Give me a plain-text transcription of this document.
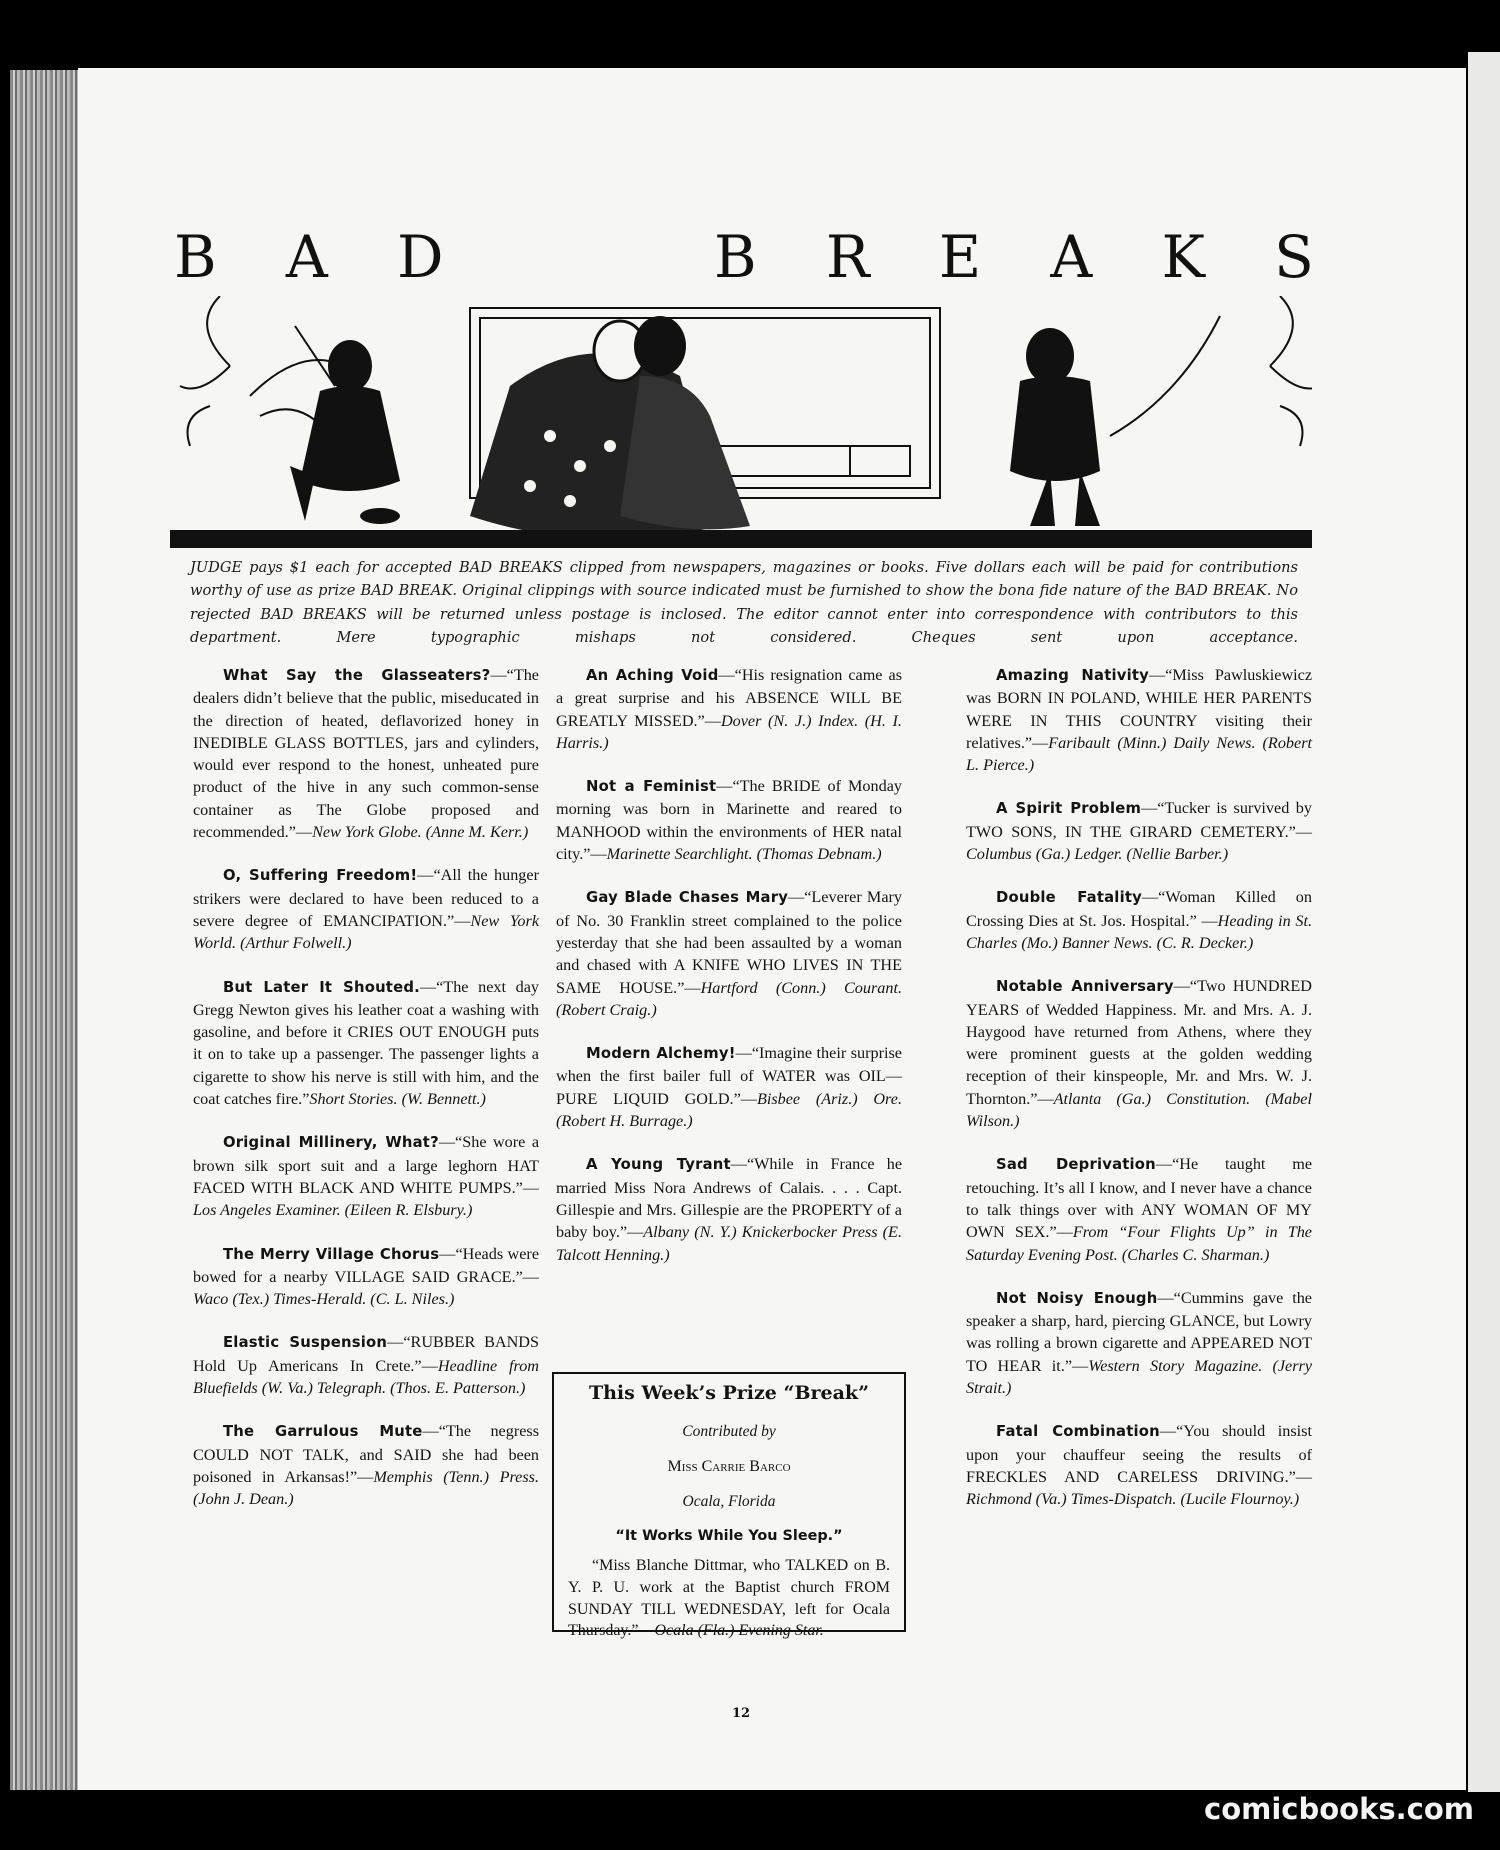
B A D	B R E A K S
JUDGE pays $1 each for accepted BAD BREAKS clipped from newspapers, magazines or books. Five dollars each will be paid for contributions worthy of use as prize BAD BREAK. Original clippings with source indicated must be furnished to show the bona fide nature of the BAD BREAK. No rejected BAD BREAKS will be returned unless postage is inclosed. The editor cannot enter into correspondence with contributors to this department. Mere typographic mishaps not considered. Cheques sent upon acceptance.

What Say the Glasseaters?—“The dealers didn’t believe that the public, miseducated in the direction of heated, deflavorized honey in INEDIBLE GLASS BOTTLES, jars and cylinders, would ever respond to the honest, unheated pure product of the hive in any such common-sense container as The Globe proposed and recommended.”—New York Globe. (Anne M. Kerr.)

O, Suffering Freedom!—“All the hunger strikers were declared to have been reduced to a severe degree of EMANCIPATION.”—New York World. (Arthur Folwell.)

But Later It Shouted.—“The next day Gregg Newton gives his leather coat a washing with gasoline, and before it CRIES OUT ENOUGH puts it on to take up a passenger. The passenger lights a cigarette to show his nerve is still with him, and the coat catches fire.”Short Stories. (W. Bennett.)

Original Millinery, What?—“She wore a brown silk sport suit and a large leghorn HAT FACED WITH BLACK AND WHITE PUMPS.”—Los Angeles Examiner. (Eileen R. Elsbury.)

The Merry Village Chorus—“Heads were bowed for a nearby VILLAGE SAID GRACE.”—Waco (Tex.) Times-Herald. (C. L. Niles.)

Elastic Suspension—“RUBBER BANDS Hold Up Americans In Crete.”—Headline from Bluefields (W. Va.) Telegraph. (Thos. E. Patterson.)

The Garrulous Mute—“The negress COULD NOT TALK, and SAID she had been poisoned in Arkansas!”—Memphis (Tenn.) Press. (John J. Dean.)

An Aching Void—“His resignation came as a great surprise and his ABSENCE WILL BE GREATLY MISSED.”—Dover (N. J.) Index. (H. I. Harris.)

Not a Feminist—“The BRIDE of Monday morning was born in Marinette and reared to MANHOOD within the environments of HER natal city.”—Marinette Searchlight. (Thomas Debnam.)

Gay Blade Chases Mary—“Leverer Mary of No. 30 Franklin street complained to the police yesterday that she had been assaulted by a woman and chased with A KNIFE WHO LIVES IN THE SAME HOUSE.”—Hartford (Conn.) Courant. (Robert Craig.)

Modern Alchemy!—“Imagine their surprise when the first bailer full of WATER was OIL—PURE LIQUID GOLD.”—Bisbee (Ariz.) Ore. (Robert H. Burrage.)

A Young Tyrant—“While in France he married Miss Nora Andrews of Calais. . . . Capt. Gillespie and Mrs. Gillespie are the PROPERTY of a baby boy.”—Albany (N. Y.) Knickerbocker Press (E. Talcott Henning.)

Amazing Nativity—“Miss Pawluskiewicz was BORN IN POLAND, WHILE HER PARENTS WERE IN THIS COUNTRY visiting their relatives.”—Faribault (Minn.) Daily News. (Robert L. Pierce.)

A Spirit Problem—“Tucker is survived by TWO SONS, IN THE GIRARD CEMETERY.”—Columbus (Ga.) Ledger. (Nellie Barber.)

Double Fatality—“Woman Killed on Crossing Dies at St. Jos. Hospital.” —Heading in St. Charles (Mo.) Banner News. (C. R. Decker.)

Notable Anniversary—“Two HUNDRED YEARS of Wedded Happiness. Mr. and Mrs. A. J. Haygood have returned from Athens, where they were prominent guests at the golden wedding reception of their kinspeople, Mr. and Mrs. W. J. Thornton.”—Atlanta (Ga.) Constitution. (Mabel Wilson.)

Sad Deprivation—“He taught me retouching. It’s all I know, and I never have a chance to talk things over with ANY WOMAN OF MY OWN SEX.”—From “Four Flights Up” in The Saturday Evening Post. (Charles C. Sharman.)

Not Noisy Enough—“Cummins gave the speaker a sharp, hard, piercing GLANCE, but Lowry was rolling a brown cigarette and APPEARED NOT TO HEAR it.”—Western Story Magazine. (Jerry Strait.)

Fatal Combination—“You should insist upon your chauffeur seeing the results of FRECKLES AND CARELESS DRIVING.”—Richmond (Va.) Times-Dispatch. (Lucile Flournoy.)

This Week’s Prize “Break”
Contributed by
Miss Carrie Barco
Ocala, Florida
“It Works While You Sleep.”
“Miss Blanche Dittmar, who TALKED on B. Y. P. U. work at the Baptist church FROM SUNDAY TILL WEDNESDAY, left for Ocala Thursday.”—Ocala (Fla.) Evening Star.
12
comicbooks.com
